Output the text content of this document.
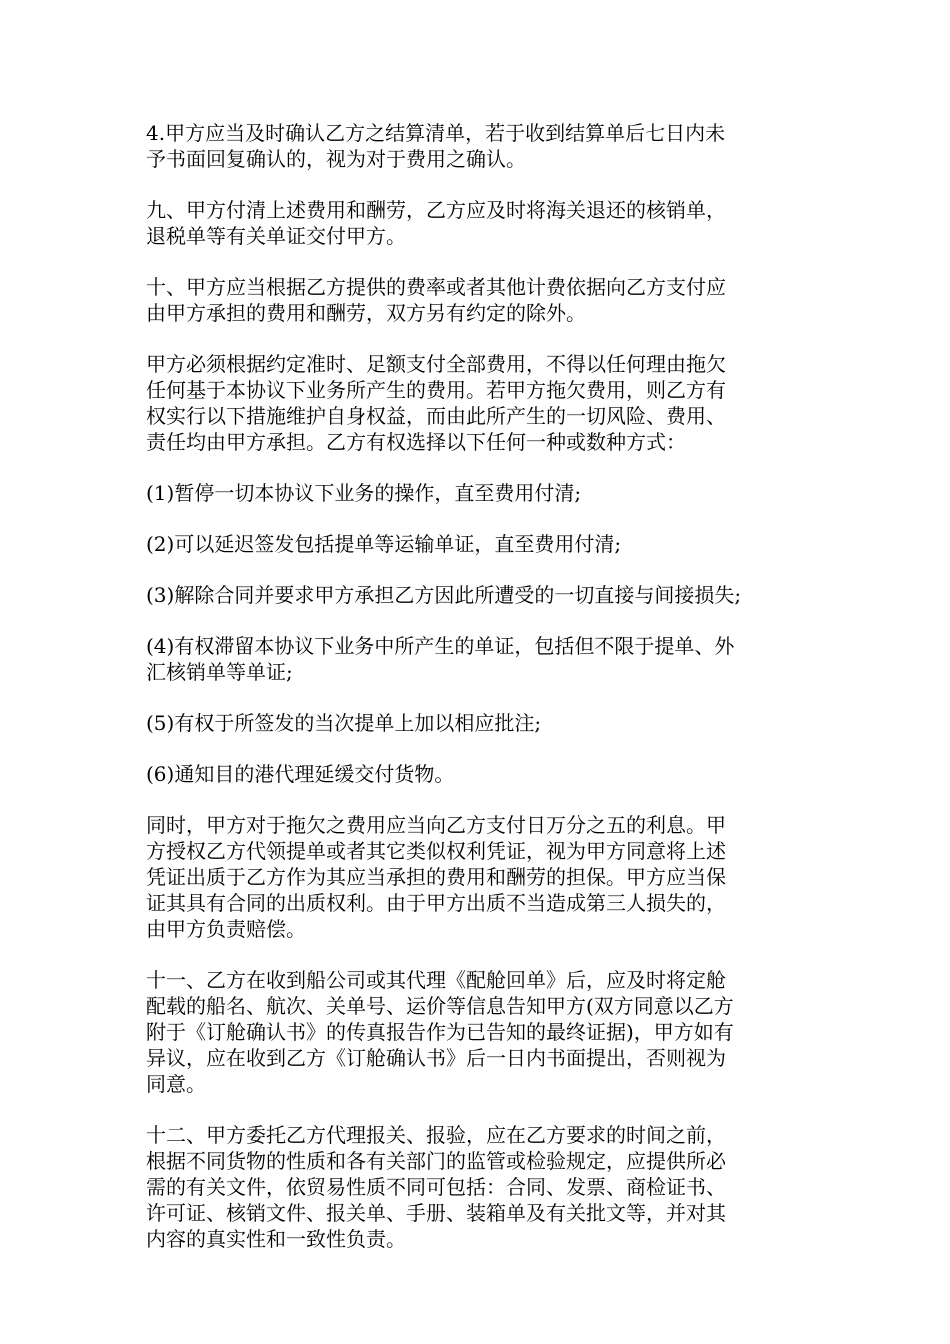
4.甲方应当及时确认乙方之结算清单，若于收到结算单后七日内未
予书面回复确认的，视为对于费用之确认。

九、甲方付清上述费用和酬劳，乙方应及时将海关退还的核销单，
退税单等有关单证交付甲方。

十、甲方应当根据乙方提供的费率或者其他计费依据向乙方支付应
由甲方承担的费用和酬劳，双方另有约定的除外。

甲方必须根据约定准时、足额支付全部费用，不得以任何理由拖欠
任何基于本协议下业务所产生的费用。若甲方拖欠费用，则乙方有
权实行以下措施维护自身权益，而由此所产生的一切风险、费用、
责任均由甲方承担。乙方有权选择以下任何一种或数种方式：

(1)暂停一切本协议下业务的操作，直至费用付清;

(2)可以延迟签发包括提单等运输单证，直至费用付清;

(3)解除合同并要求甲方承担乙方因此所遭受的一切直接与间接损失;

(4)有权滞留本协议下业务中所产生的单证，包括但不限于提单、外
汇核销单等单证;

(5)有权于所签发的当次提单上加以相应批注;

(6)通知目的港代理延缓交付货物。

同时，甲方对于拖欠之费用应当向乙方支付日万分之五的利息。甲
方授权乙方代领提单或者其它类似权利凭证，视为甲方同意将上述
凭证出质于乙方作为其应当承担的费用和酬劳的担保。甲方应当保
证其具有合同的出质权利。由于甲方出质不当造成第三人损失的，
由甲方负责赔偿。

十一、乙方在收到船公司或其代理《配舱回单》后，应及时将定舱
配载的船名、航次、关单号、运价等信息告知甲方(双方同意以乙方
附于《订舱确认书》的传真报告作为已告知的最终证据)，甲方如有
异议，应在收到乙方《订舱确认书》后一日内书面提出，否则视为
同意。

十二、甲方委托乙方代理报关、报验，应在乙方要求的时间之前，
根据不同货物的性质和各有关部门的监管或检验规定，应提供所必
需的有关文件，依贸易性质不同可包括：合同、发票、商检证书、
许可证、核销文件、报关单、手册、装箱单及有关批文等，并对其
内容的真实性和一致性负责。
